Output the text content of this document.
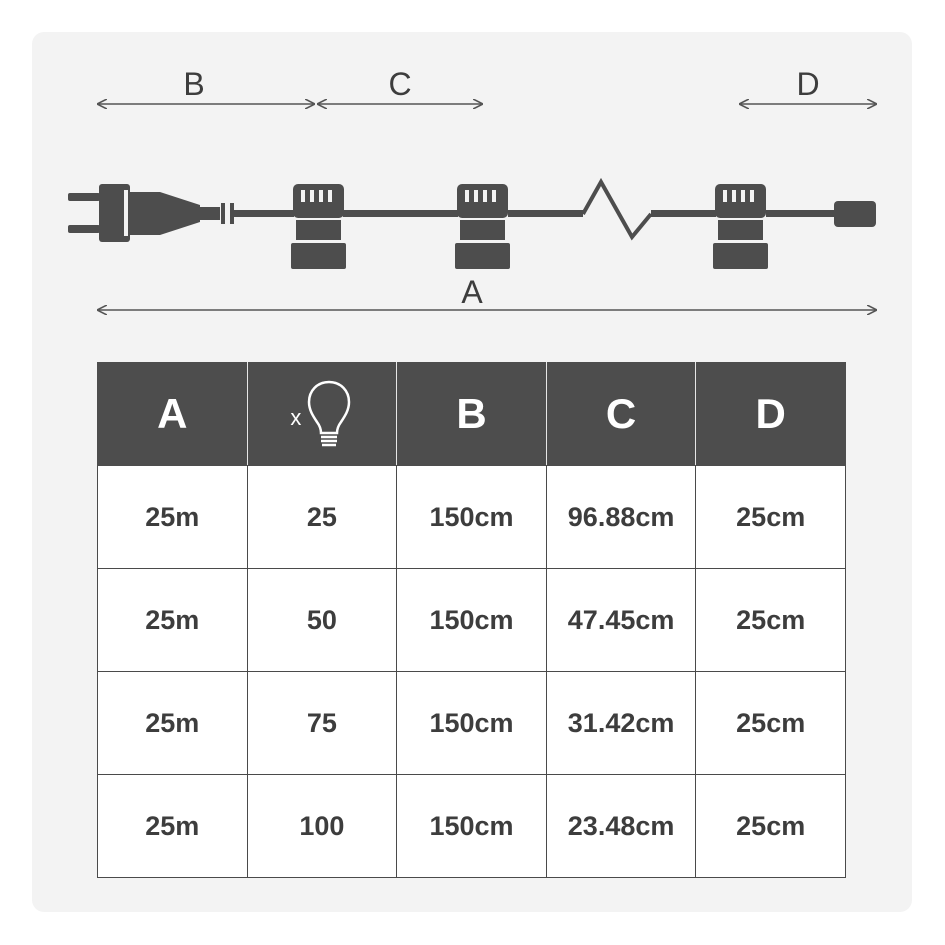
B	C	D
A
A	x	B	C	D
25m	25	150cm	96.88cm	25cm
25m	50	150cm	47.45cm	25cm
25m	75	150cm	31.42cm	25cm
25m	100	150cm	23.48cm	25cm
